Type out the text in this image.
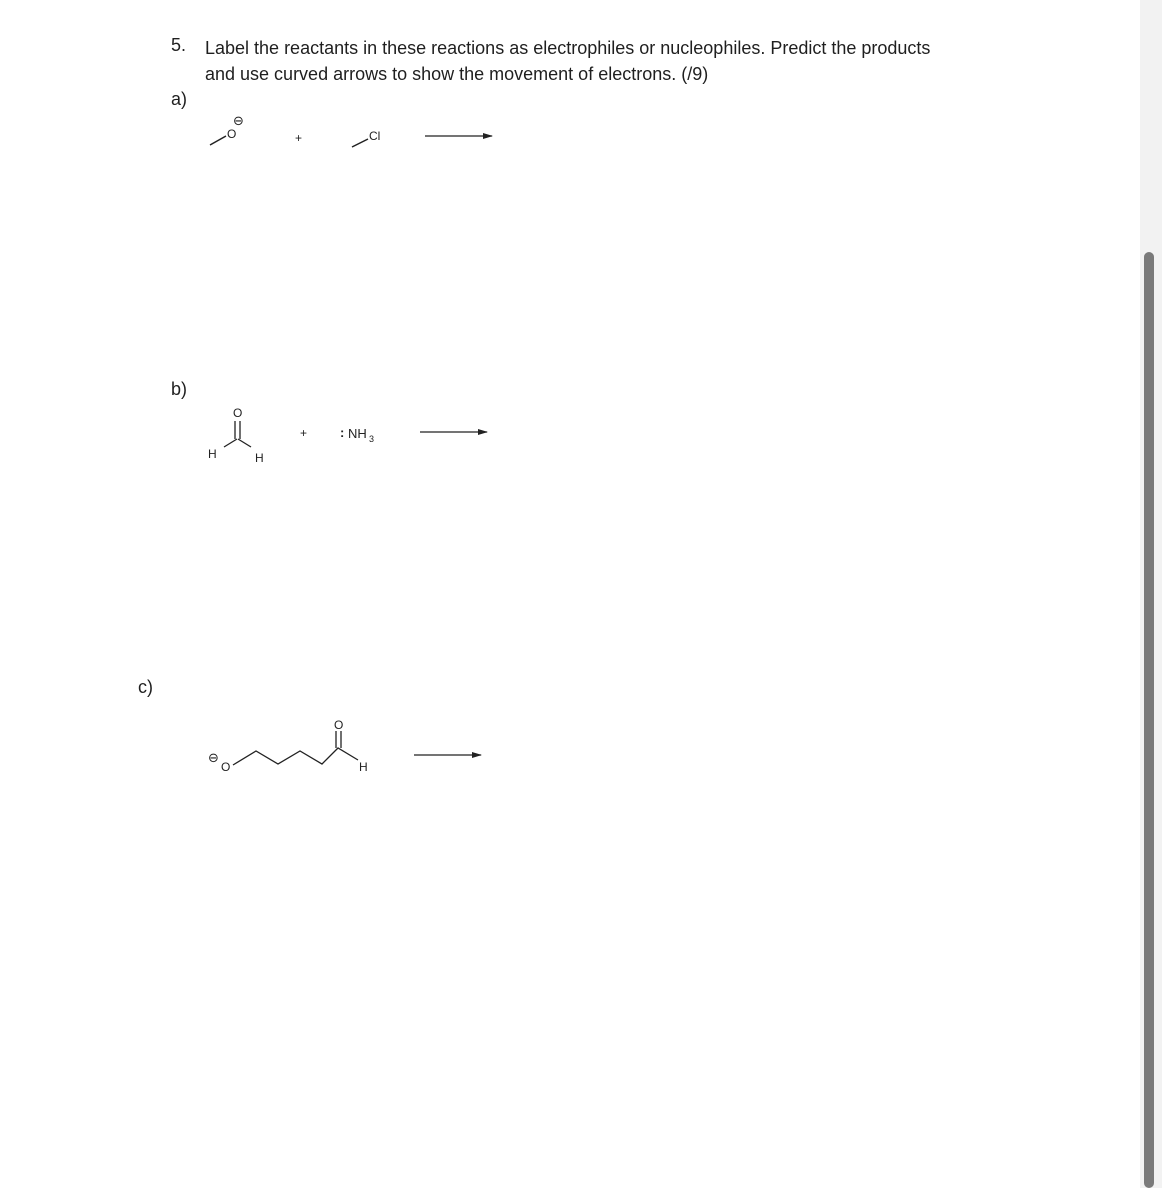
5. Label the reactants in these reactions as electrophiles or nucleophiles. Predict the products and use curved arrows to show the movement of electrons. (/9)
a)
b)
c)
O
⊖
+	Cl
O
H	H
+	: NH 3
⊖
O
O
H
